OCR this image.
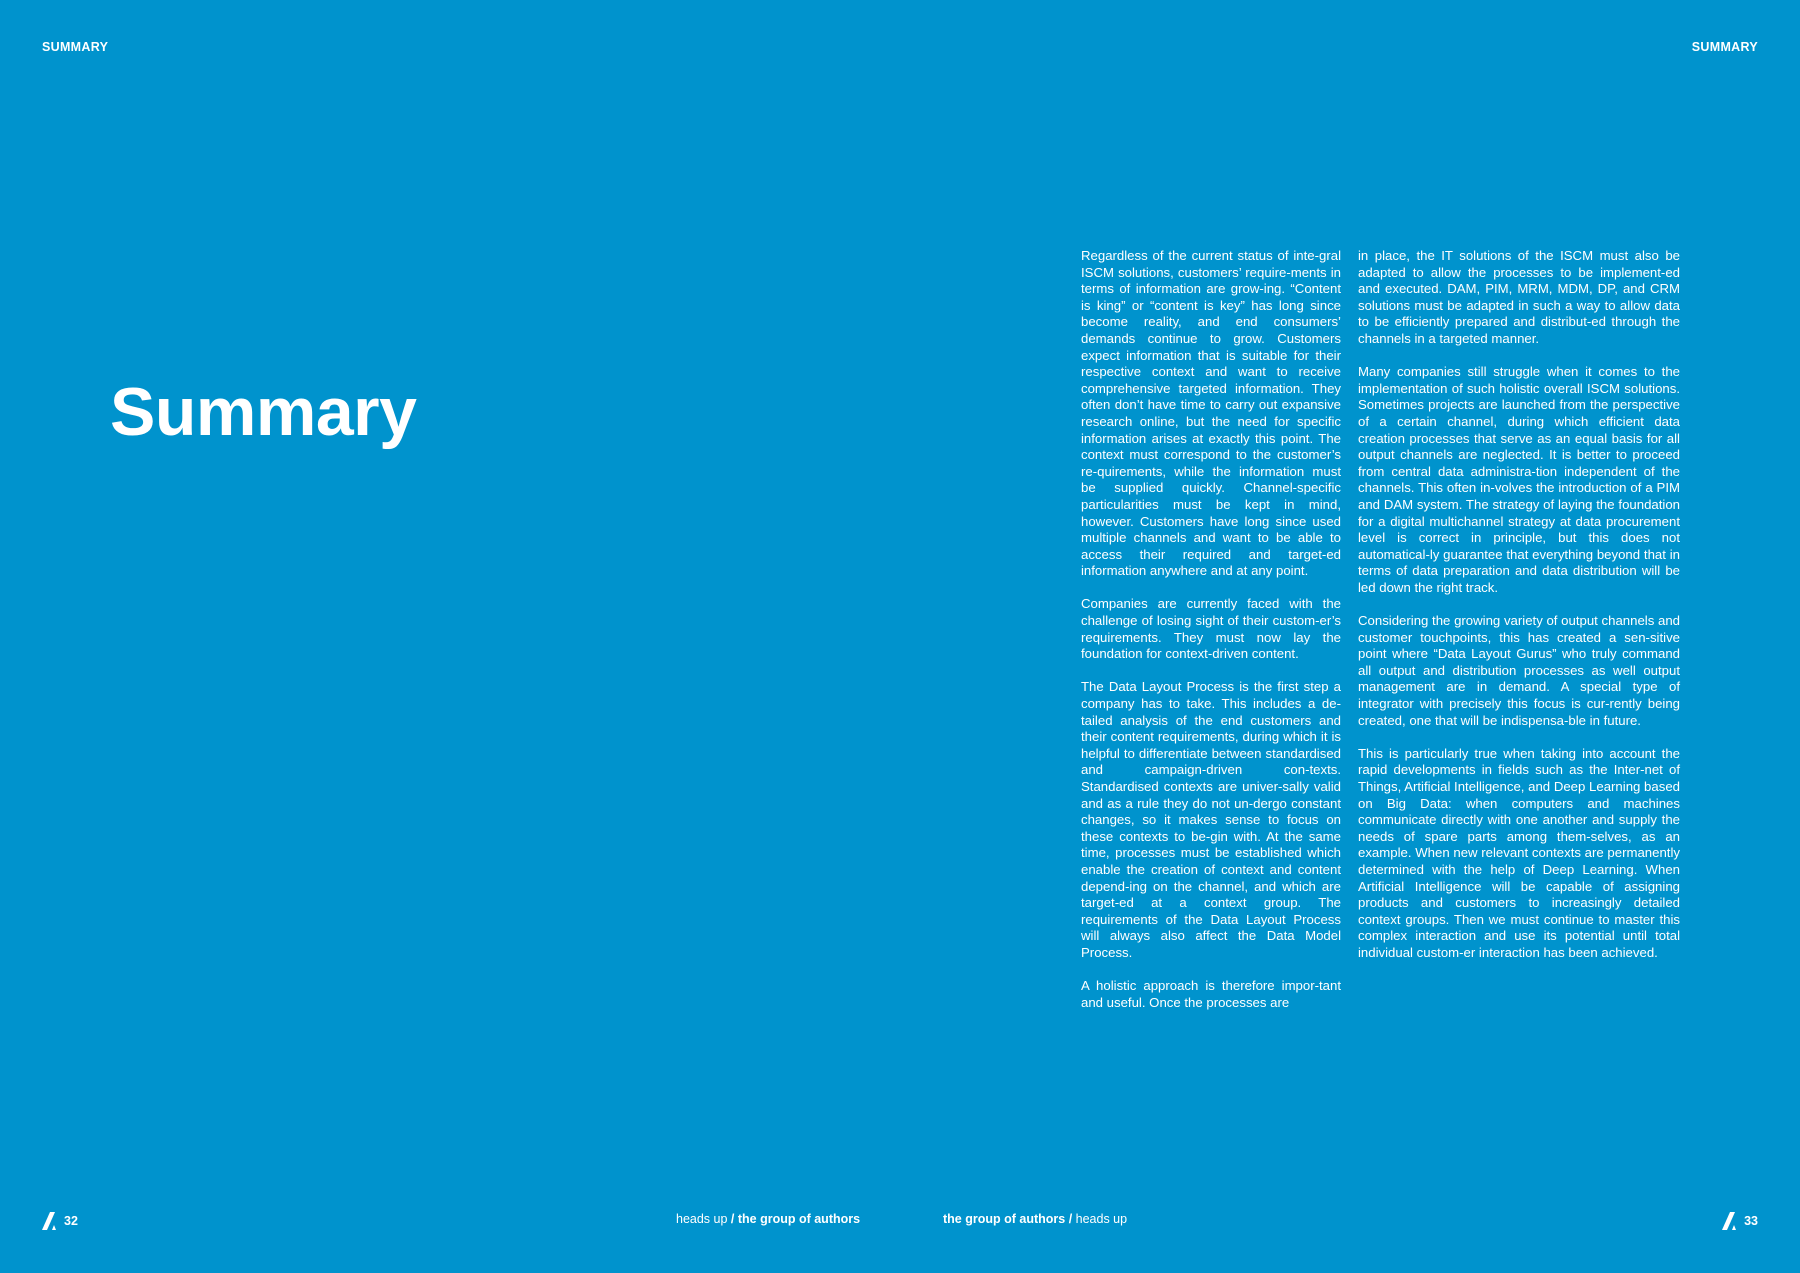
SUMMARY	SUMMARY
Summary

Regardless of the current status of inte-gral ISCM solutions, customers’ require-ments in terms of information are grow-ing. “Content is king” or “content is key” has long since become reality, and end consumers’ demands continue to grow. Customers expect information that is suitable for their respective context and want to receive comprehensive targeted information. They often don’t have time to carry out expansive research online, but the need for specific information arises at exactly this point. The context must correspond to the customer’s re-quirements, while the information must be supplied quickly. Channel-specific particularities must be kept in mind, however. Customers have long since used multiple channels and want to be able to access their required and target-ed information anywhere and at any point.

Companies are currently faced with the challenge of losing sight of their custom-er’s requirements. They must now lay the foundation for context-driven content.

The Data Layout Process is the first step a company has to take. This includes a de-tailed analysis of the end customers and their content requirements, during which it is helpful to differentiate between standardised and campaign-driven con-texts. Standardised contexts are univer-sally valid and as a rule they do not un-dergo constant changes, so it makes sense to focus on these contexts to be-gin with. At the same time, processes must be established which enable the creation of context and content depend-ing on the channel, and which are target-ed at a context group. The requirements of the Data Layout Process will always also affect the Data Model Process.

A holistic approach is therefore impor-tant and useful. Once the processes are

in place, the IT solutions of the ISCM must also be adapted to allow the processes to be implement-ed and executed. DAM, PIM, MRM, MDM, DP, and CRM solutions must be adapted in such a way to allow data to be efficiently prepared and distribut-ed through the channels in a targeted manner.

Many companies still struggle when it comes to the implementation of such holistic overall ISCM solutions. Sometimes projects are launched from the perspective of a certain channel, during which efficient data creation processes that serve as an equal basis for all output channels are neglected. It is better to proceed from central data administra-tion independent of the channels. This often in-volves the introduction of a PIM and DAM system. The strategy of laying the foundation for a digital multichannel strategy at data procurement level is correct in principle, but this does not automatical-ly guarantee that everything beyond that in terms of data preparation and data distribution will be led down the right track.

Considering the growing variety of output channels and customer touchpoints, this has created a sen-sitive point where “Data Layout Gurus” who truly command all output and distribution processes as well output management are in demand. A special type of integrator with precisely this focus is cur-rently being created, one that will be indispensa-ble in future.

This is particularly true when taking into account the rapid developments in fields such as the Inter-net of Things, Artificial Intelligence, and Deep Learning based on Big Data: when computers and machines communicate directly with one another and supply the needs of spare parts among them-selves, as an example. When new relevant contexts are permanently determined with the help of Deep Learning. When Artificial Intelligence will be capable of assigning products and customers to increasingly detailed context groups. Then we must continue to master this complex interaction and use its potential until total individual custom-er interaction has been achieved.

32	heads up / the group of authors	the group of authors / heads up	33
